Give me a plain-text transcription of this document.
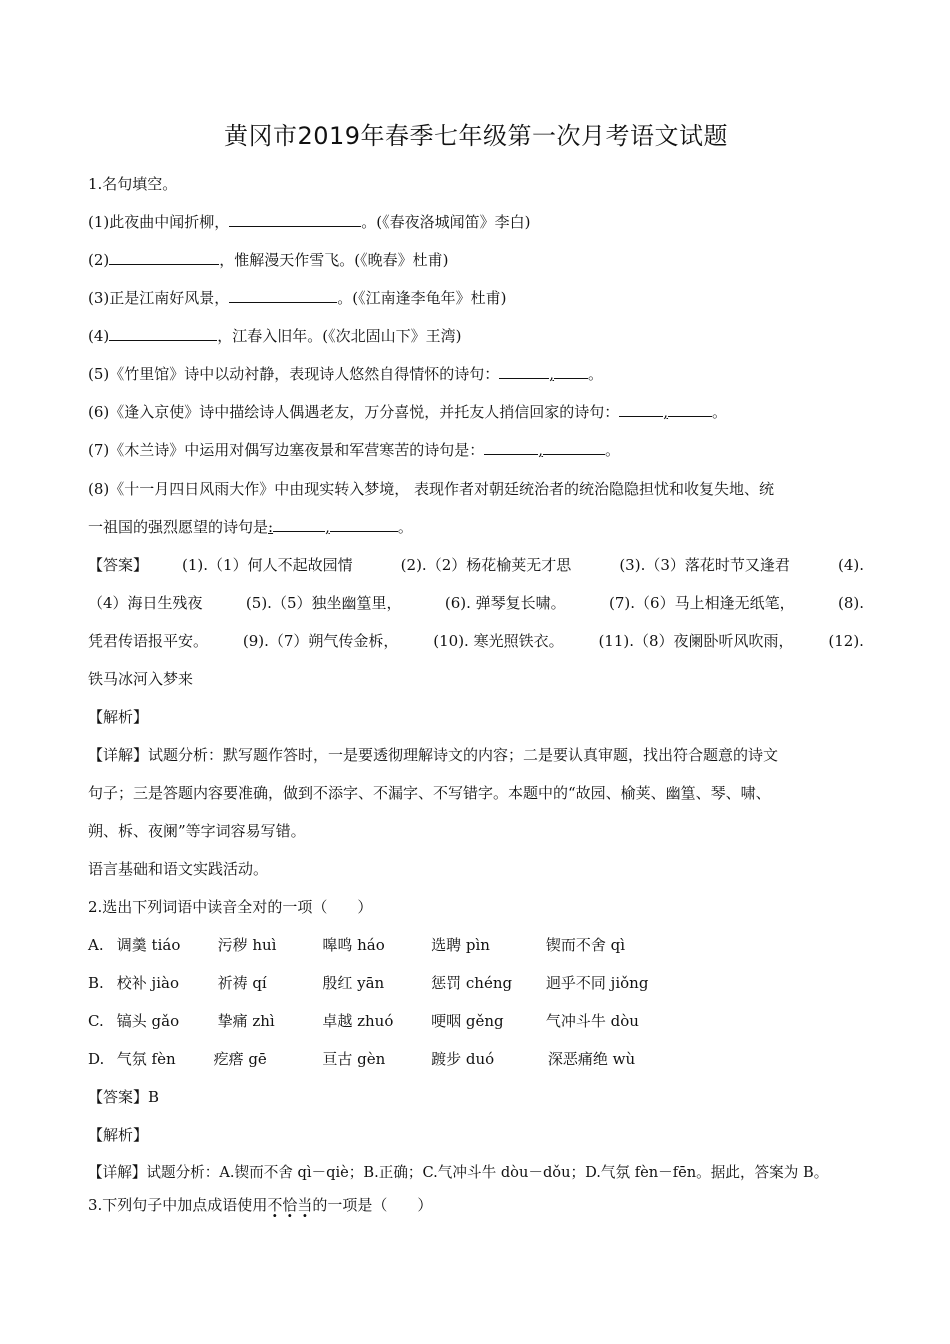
黄冈市2019年春季七年级第一次月考语文试题
1.名句填空。
(1)此夜曲中闻折柳，	。(《春夜洛城闻笛》李白)
(2)	，惟解漫天作雪飞。(《晚春》杜甫)
(3)正是江南好风景，	。(《江南逢李龟年》杜甫)
(4)	，江春入旧年。(《次北固山下》王湾)
(5)《竹里馆》诗中以动衬静，表现诗人悠然自得情怀的诗句：	, 。
(6)《逢入京使》诗中描绘诗人偶遇老友，万分喜悦，并托友人捎信回家的诗句：	,	。
(7)《木兰诗》中运用对偶写边塞夜景和军营寒苦的诗句是：	,	。
(8)《十一月四日风雨大作》中由现实转入梦境， 表现作者对朝廷统治者的统治隐隐担忧和收复失地、统
一祖国的强烈愿望的诗句是:	,	。
【答案】 (1).（1）何人不起故园情	(2).（2）杨花榆荚无才思	(3).（3）落花时节又逢君	(4).
（4）海日生残夜	(5).（5）独坐幽篁里，	(6). 弹琴复长啸。	(7).（6）马上相逢无纸笔，	(8).
凭君传语报平安。 (9).（7）朔气传金柝， (10). 寒光照铁衣。 (11).（8）夜阑卧听风吹雨， (12).
铁马冰河入梦来
【解析】
【详解】试题分析：默写题作答时，一是要透彻理解诗文的内容；二是要认真审题，找出符合题意的诗文
句子；三是答题内容要准确，做到不添字、不漏字、不写错字。本题中的“故园、榆荚、幽篁、琴、啸、
朔、柝、夜阑”等字词容易写错。
语言基础和语文实践活动。
2.选出下列词语中读音全对的一项（　　）
A. 调羹 tiáo 污秽 huì	嗥鸣 háo	选聘 pìn	锲而不舍 qì
B. 校补 jiào	祈祷 qí	殷红 yān	惩罚 chéng 迥乎不同 jiǒng
C. 镐头 gǎo	挚痛 zhì	卓越 zhuó	哽咽 gěng	气冲斗牛 dòu
D. 气氛 fèn	疙瘩 gē	亘古 gèn	踱步 duó	深恶痛绝 wù
【答案】B
【解析】
【详解】试题分析：A.锲而不舍 qì－qiè；B.正确；C.气冲斗牛 dòu－dǒu；D.气氛 fèn－fēn。据此，答案为 B。
3.下列句子中加点成语使用不恰当的一项是（　　）
